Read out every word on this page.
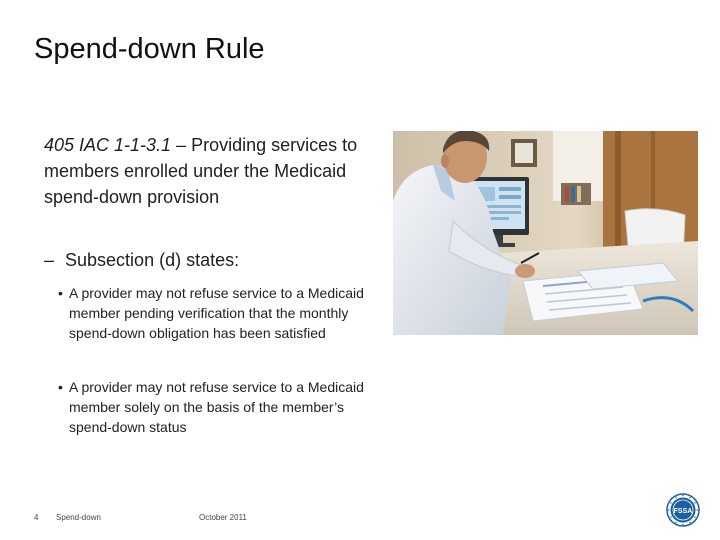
Spend-down Rule
405 IAC 1-1-3.1 – Providing services to members enrolled under the Medicaid spend-down provision
– Subsection (d) states:
• A provider may not refuse service to a Medicaid member pending verification that the monthly spend-down obligation has been satisfied
• A provider may not refuse service to a Medicaid member solely on the basis of the member’s spend-down status
4 Spend-down	October 2011
FSSA
